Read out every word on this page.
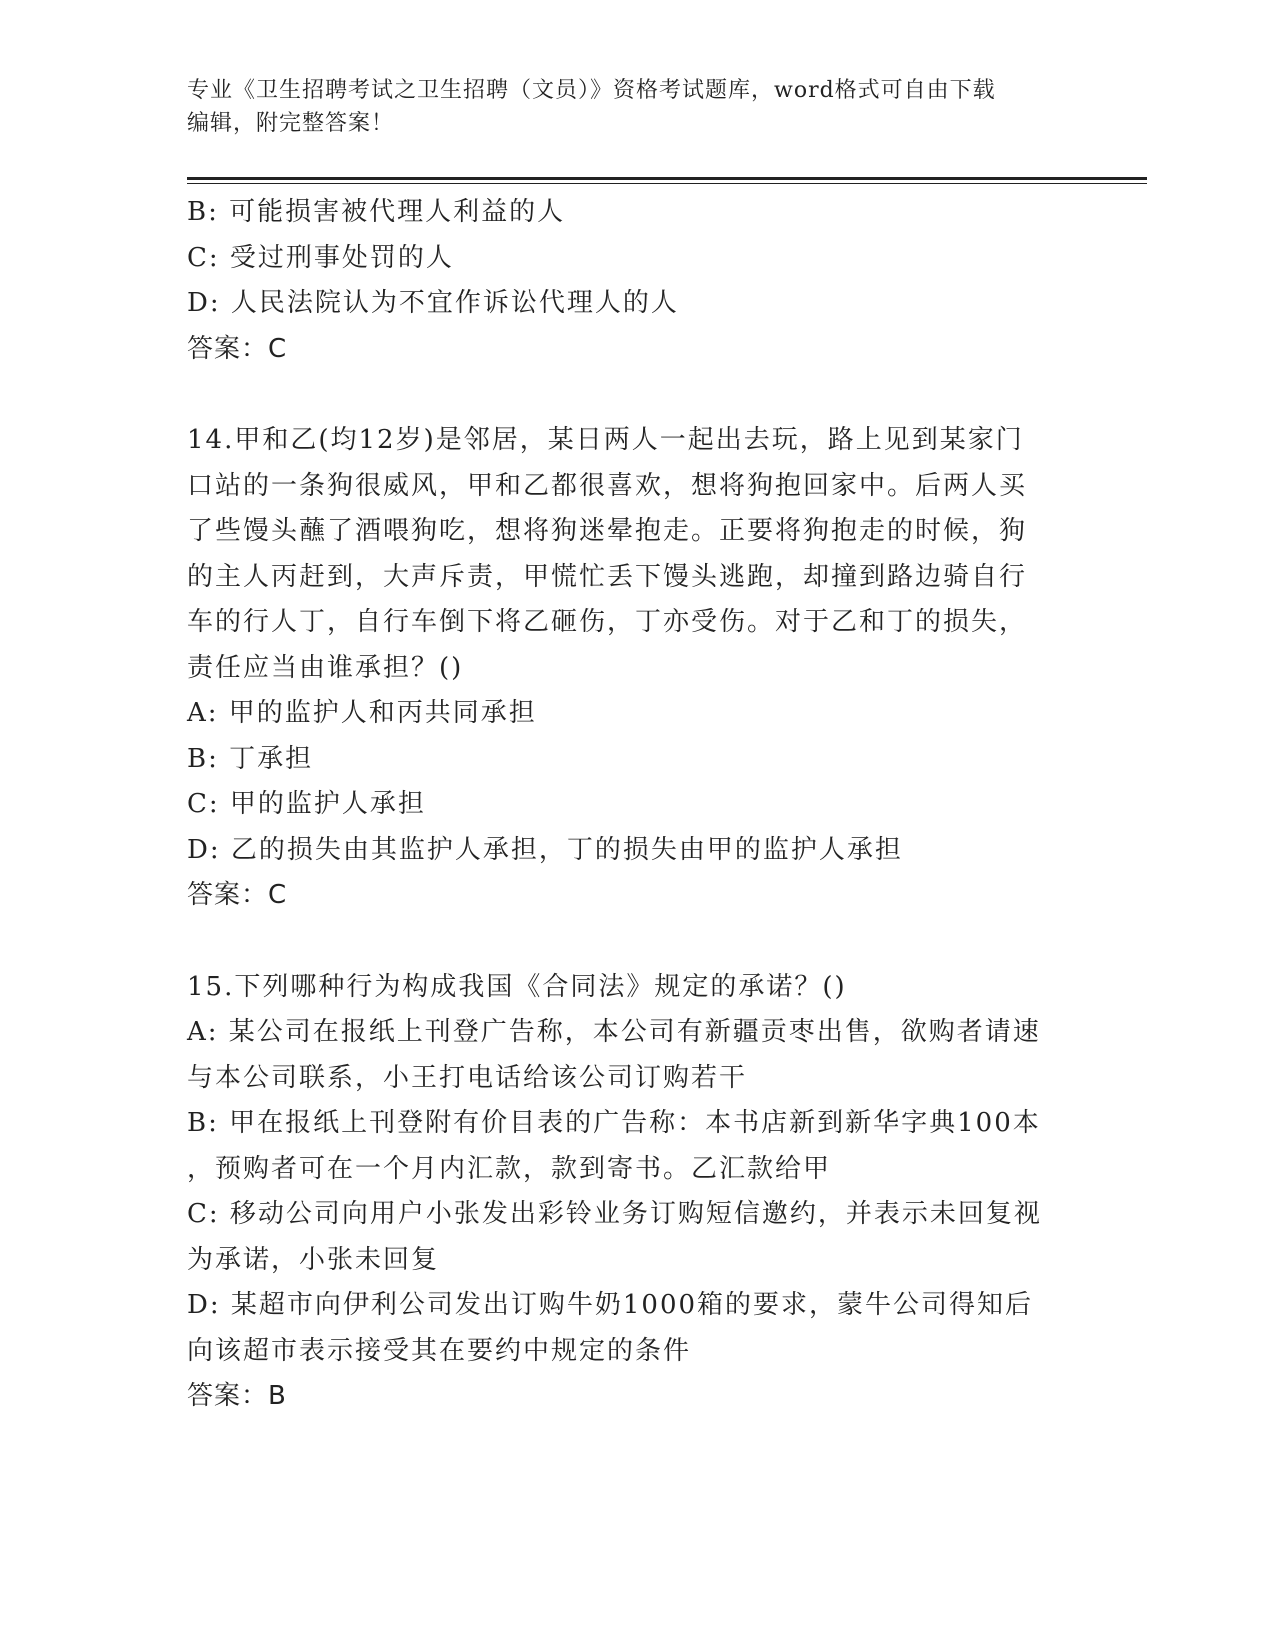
专业《卫生招聘考试之卫生招聘（文员）》资格考试题库，word格式可自由下载
编辑，附完整答案！
B: 可能损害被代理人利益的人
C: 受过刑事处罚的人
D: 人民法院认为不宜作诉讼代理人的人
答案：C
14.甲和乙(均12岁)是邻居，某日两人一起出去玩，路上见到某家门
口站的一条狗很威风，甲和乙都很喜欢，想将狗抱回家中。后两人买
了些馒头蘸了酒喂狗吃，想将狗迷晕抱走。正要将狗抱走的时候，狗
的主人丙赶到，大声斥责，甲慌忙丢下馒头逃跑，却撞到路边骑自行
车的行人丁，自行车倒下将乙砸伤，丁亦受伤。对于乙和丁的损失，
责任应当由谁承担？()
A: 甲的监护人和丙共同承担
B: 丁承担
C: 甲的监护人承担
D: 乙的损失由其监护人承担，丁的损失由甲的监护人承担
答案：C
15.下列哪种行为构成我国《合同法》规定的承诺？()
A: 某公司在报纸上刊登广告称，本公司有新疆贡枣出售，欲购者请速
与本公司联系，小王打电话给该公司订购若干
B: 甲在报纸上刊登附有价目表的广告称：本书店新到新华字典100本
，预购者可在一个月内汇款，款到寄书。乙汇款给甲
C: 移动公司向用户小张发出彩铃业务订购短信邀约，并表示未回复视
为承诺，小张未回复
D: 某超市向伊利公司发出订购牛奶1000箱的要求，蒙牛公司得知后
向该超市表示接受其在要约中规定的条件
答案：B
